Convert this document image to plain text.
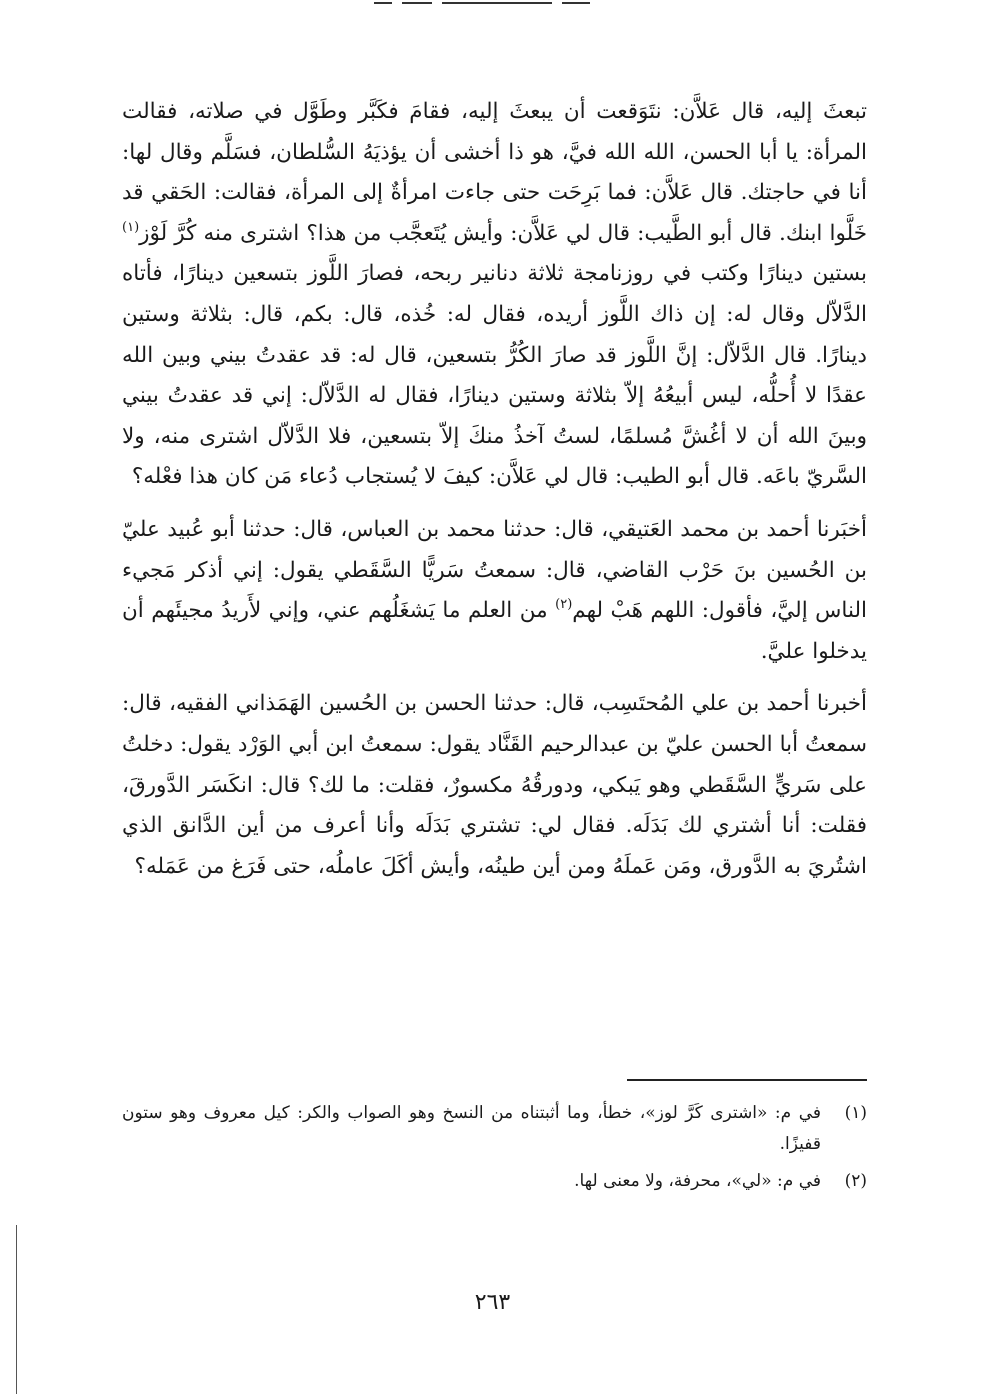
تبعثَ إليه، قال عَلاَّن: نتَوَقعت أن يبعثَ إليه، فقامَ فكَبَّر وطَوَّل في صلاته، فقالت المرأة: يا أبا الحسن، الله الله فيَّ، هو ذا أخشى أن يؤذيَهُ السُّلطان، فسَلَّم وقال لها: أنا في حاجتك. قال عَلاَّن: فما بَرِحَت حتى جاءت امرأةٌ إلى المرأة، فقالت: الحَقي قد خَلَّوا ابنك. قال أبو الطَّيب: قال لي عَلاَّن: وأيش يُتَعجَّب من هذا؟ اشترى منه كُرَّ لَوْز$^{(١)}$ بستين دينارًا وكتب في روزنامجة ثلاثة دنانير ربحه، فصارَ اللَّوز بتسعين دينارًا، فأتاه الدَّلاّل وقال له: إن ذاك اللَّوز أريده، فقال له: خُذه، قال: بكم، قال: بثلاثة وستين دينارًا. قال الدَّلاّل: إنَّ اللَّوز قد صارَ الكُرُّ بتسعين، قال له: قد عقدتُ بيني وبين الله عقدًا لا أُحلُّه، ليس أبيعُهُ إلاّ بثلاثة وستين دينارًا، فقال له الدَّلاّل: إني قد عقدتُ بيني وبينَ الله أن لا أغُشَّ مُسلمًا، لستُ آخذُ منكَ إلاّ بتسعين، فلا الدَّلاّل اشترى منه، ولا السَّريّ باعَه. قال أبو الطيب: قال لي عَلاَّن: كيفَ لا يُستجاب دُعاء مَن كان هذا فعْله؟

أخبَرنا أحمد بن محمد العَتيقي، قال: حدثنا محمد بن العباس، قال: حدثنا أبو عُبيد عليّ بن الحُسين بنَ حَرْب القاضي، قال: سمعتُ سَريًّا السَّقَطي يقول: إني أذكر مَجيء الناس إليَّ، فأقول: اللهم هَبْ لهم$^{(٢)}$ من العلم ما يَشغَلُهم عني، وإني لأَريدُ مجيئَهم أن يدخلوا عليَّ.

أخبرنا أحمد بن علي المُحتَسِب، قال: حدثنا الحسن بن الحُسين الهَمَذاني الفقيه، قال: سمعتُ أبا الحسن عليّ بن عبدالرحيم القَنَّاد يقول: سمعتُ ابن أبي الوَرْد يقول: دخلتُ على سَريٍّ السَّقَطي وهو يَبكي، ودورقُهُ مكسورٌ، فقلت: ما لك؟ قال: انكَسَر الدَّورقَ، فقلت: أنا أشتري لك بَدَلَه. فقال لي: تشتري بَدَلَه وأنا أعرف من أين الدَّانق الذي اشتُريَ به الدَّورق، ومَن عَملَهُ ومن أين طينُه، وأيش أكَلَ عاملُه، حتى فَرَغ من عَمَله؟

(١)
في م: «اشترى كَرَّ لوز»، خطأ، وما أثبتناه من النسخ وهو الصواب والكر: كيل معروف وهو ستون قفيزًا.
(٢)
في م: «لي»، محرفة، ولا معنى لها.
٢٦٣
